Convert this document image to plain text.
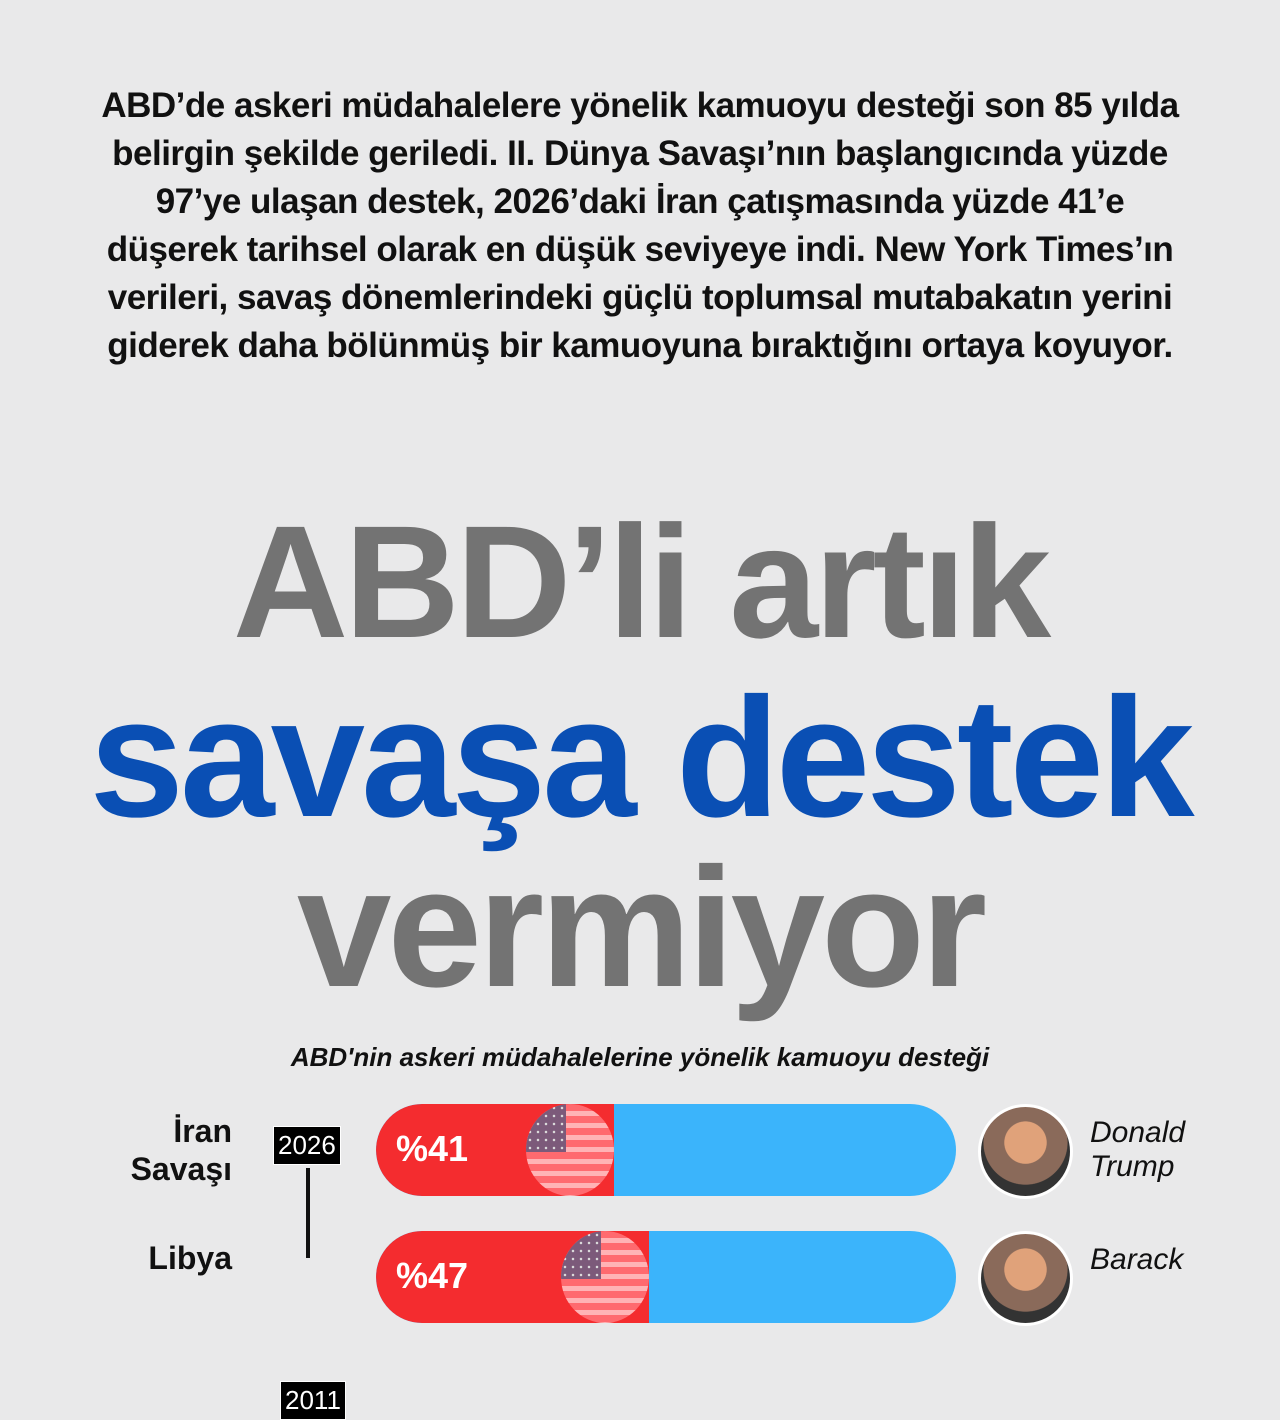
ABD’de askeri müdahalelere yönelik kamuoyu desteği son 85 yılda belirgin şekilde geriledi. II. Dünya Savaşı’nın başlangıcında yüzde 97’ye ulaşan destek, 2026’daki İran çatışmasında yüzde 41’e düşerek tarihsel olarak en düşük seviyeye indi. New York Times’ın verileri, savaş dönemlerindeki güçlü toplumsal mutabakatın yerini giderek daha bölünmüş bir kamuoyuna bıraktığını ortaya koyuyor.
ABD’li artık
savaşa destek
vermiyor
ABD'nin askeri müdahalelerine yönelik kamuoyu desteği
İran
Savaşı
2026 %41	Donald
Trump
Libya
2011
%47	Barack
